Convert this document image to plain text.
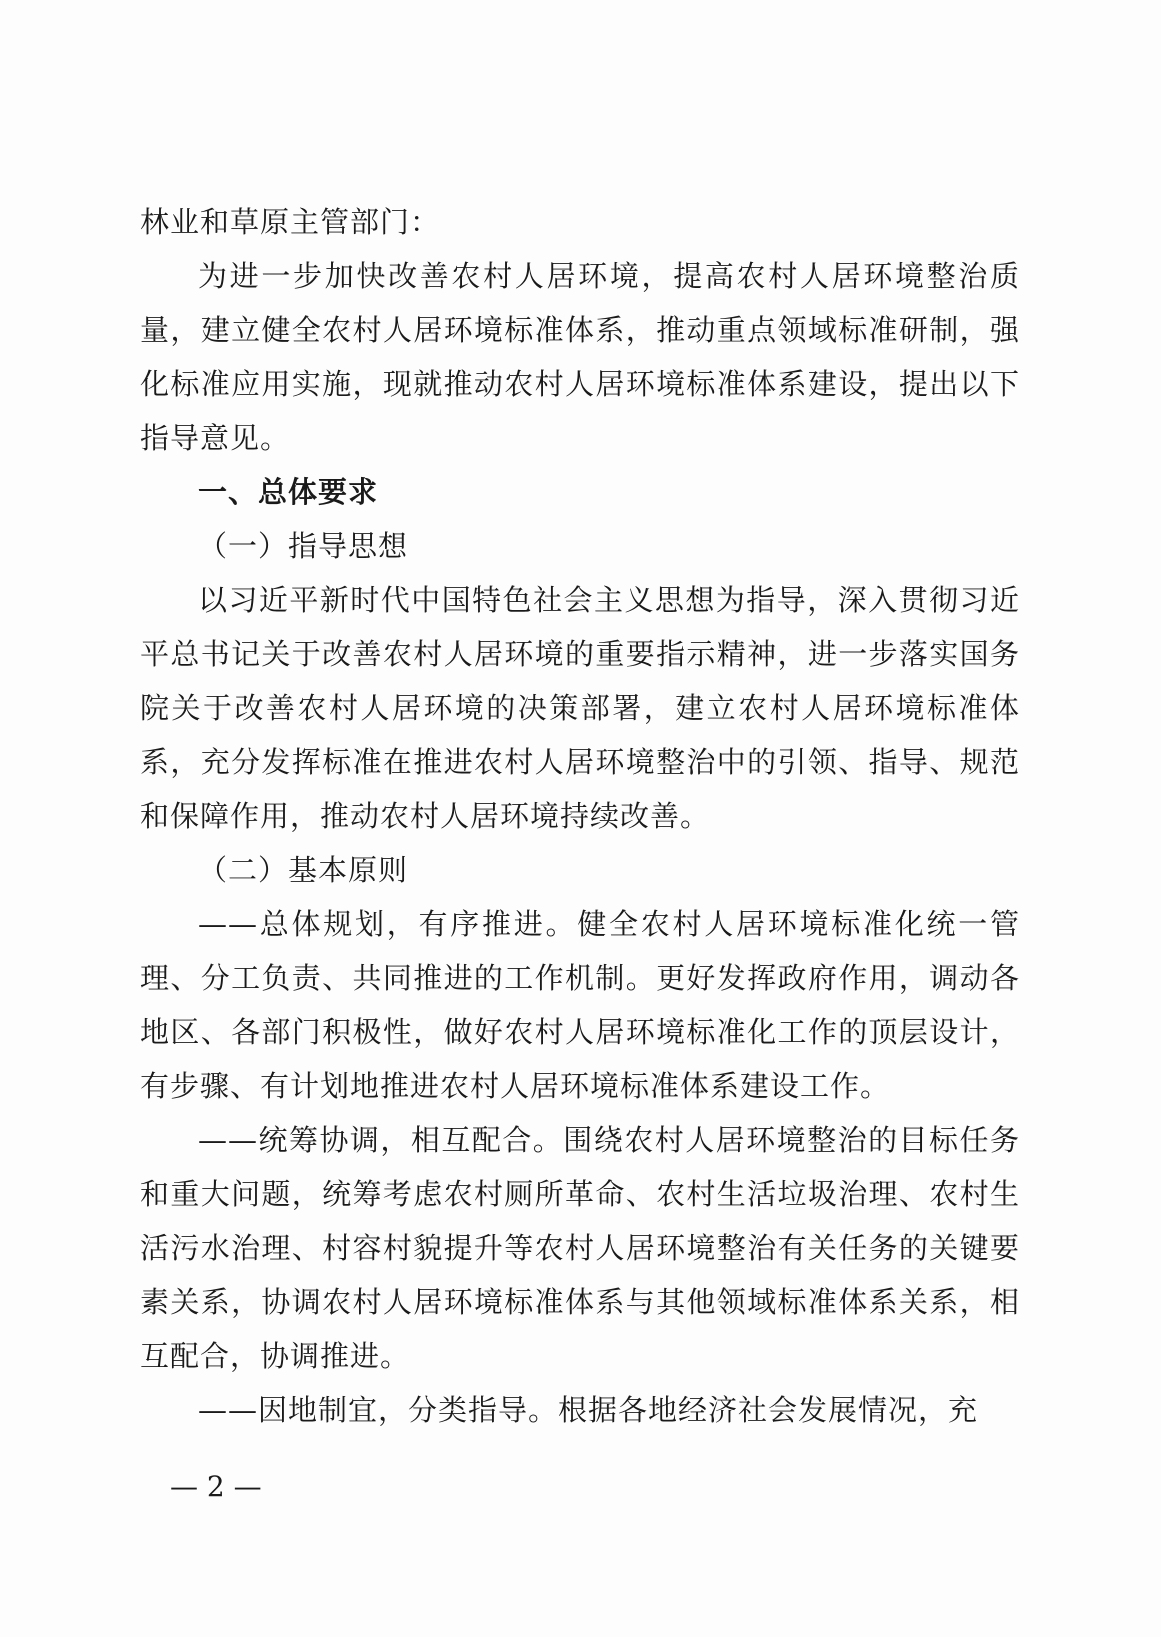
林业和草原主管部门：

为进一步加快改善农村人居环境，提高农村人居环境整治质量，建立健全农村人居环境标准体系，推动重点领域标准研制，强化标准应用实施，现就推动农村人居环境标准体系建设，提出以下指导意见。

一、总体要求

（一）指导思想

以习近平新时代中国特色社会主义思想为指导，深入贯彻习近平总书记关于改善农村人居环境的重要指示精神，进一步落实国务院关于改善农村人居环境的决策部署，建立农村人居环境标准体系，充分发挥标准在推进农村人居环境整治中的引领、指导、规范和保障作用，推动农村人居环境持续改善。

（二）基本原则

——总体规划，有序推进。健全农村人居环境标准化统一管理、分工负责、共同推进的工作机制。更好发挥政府作用，调动各地区、各部门积极性，做好农村人居环境标准化工作的顶层设计，有步骤、有计划地推进农村人居环境标准体系建设工作。

——统筹协调，相互配合。围绕农村人居环境整治的目标任务和重大问题，统筹考虑农村厕所革命、农村生活垃圾治理、农村生活污水治理、村容村貌提升等农村人居环境整治有关任务的关键要素关系，协调农村人居环境标准体系与其他领域标准体系关系，相互配合，协调推进。

——因地制宜，分类指导。根据各地经济社会发展情况，充

— 2 —
